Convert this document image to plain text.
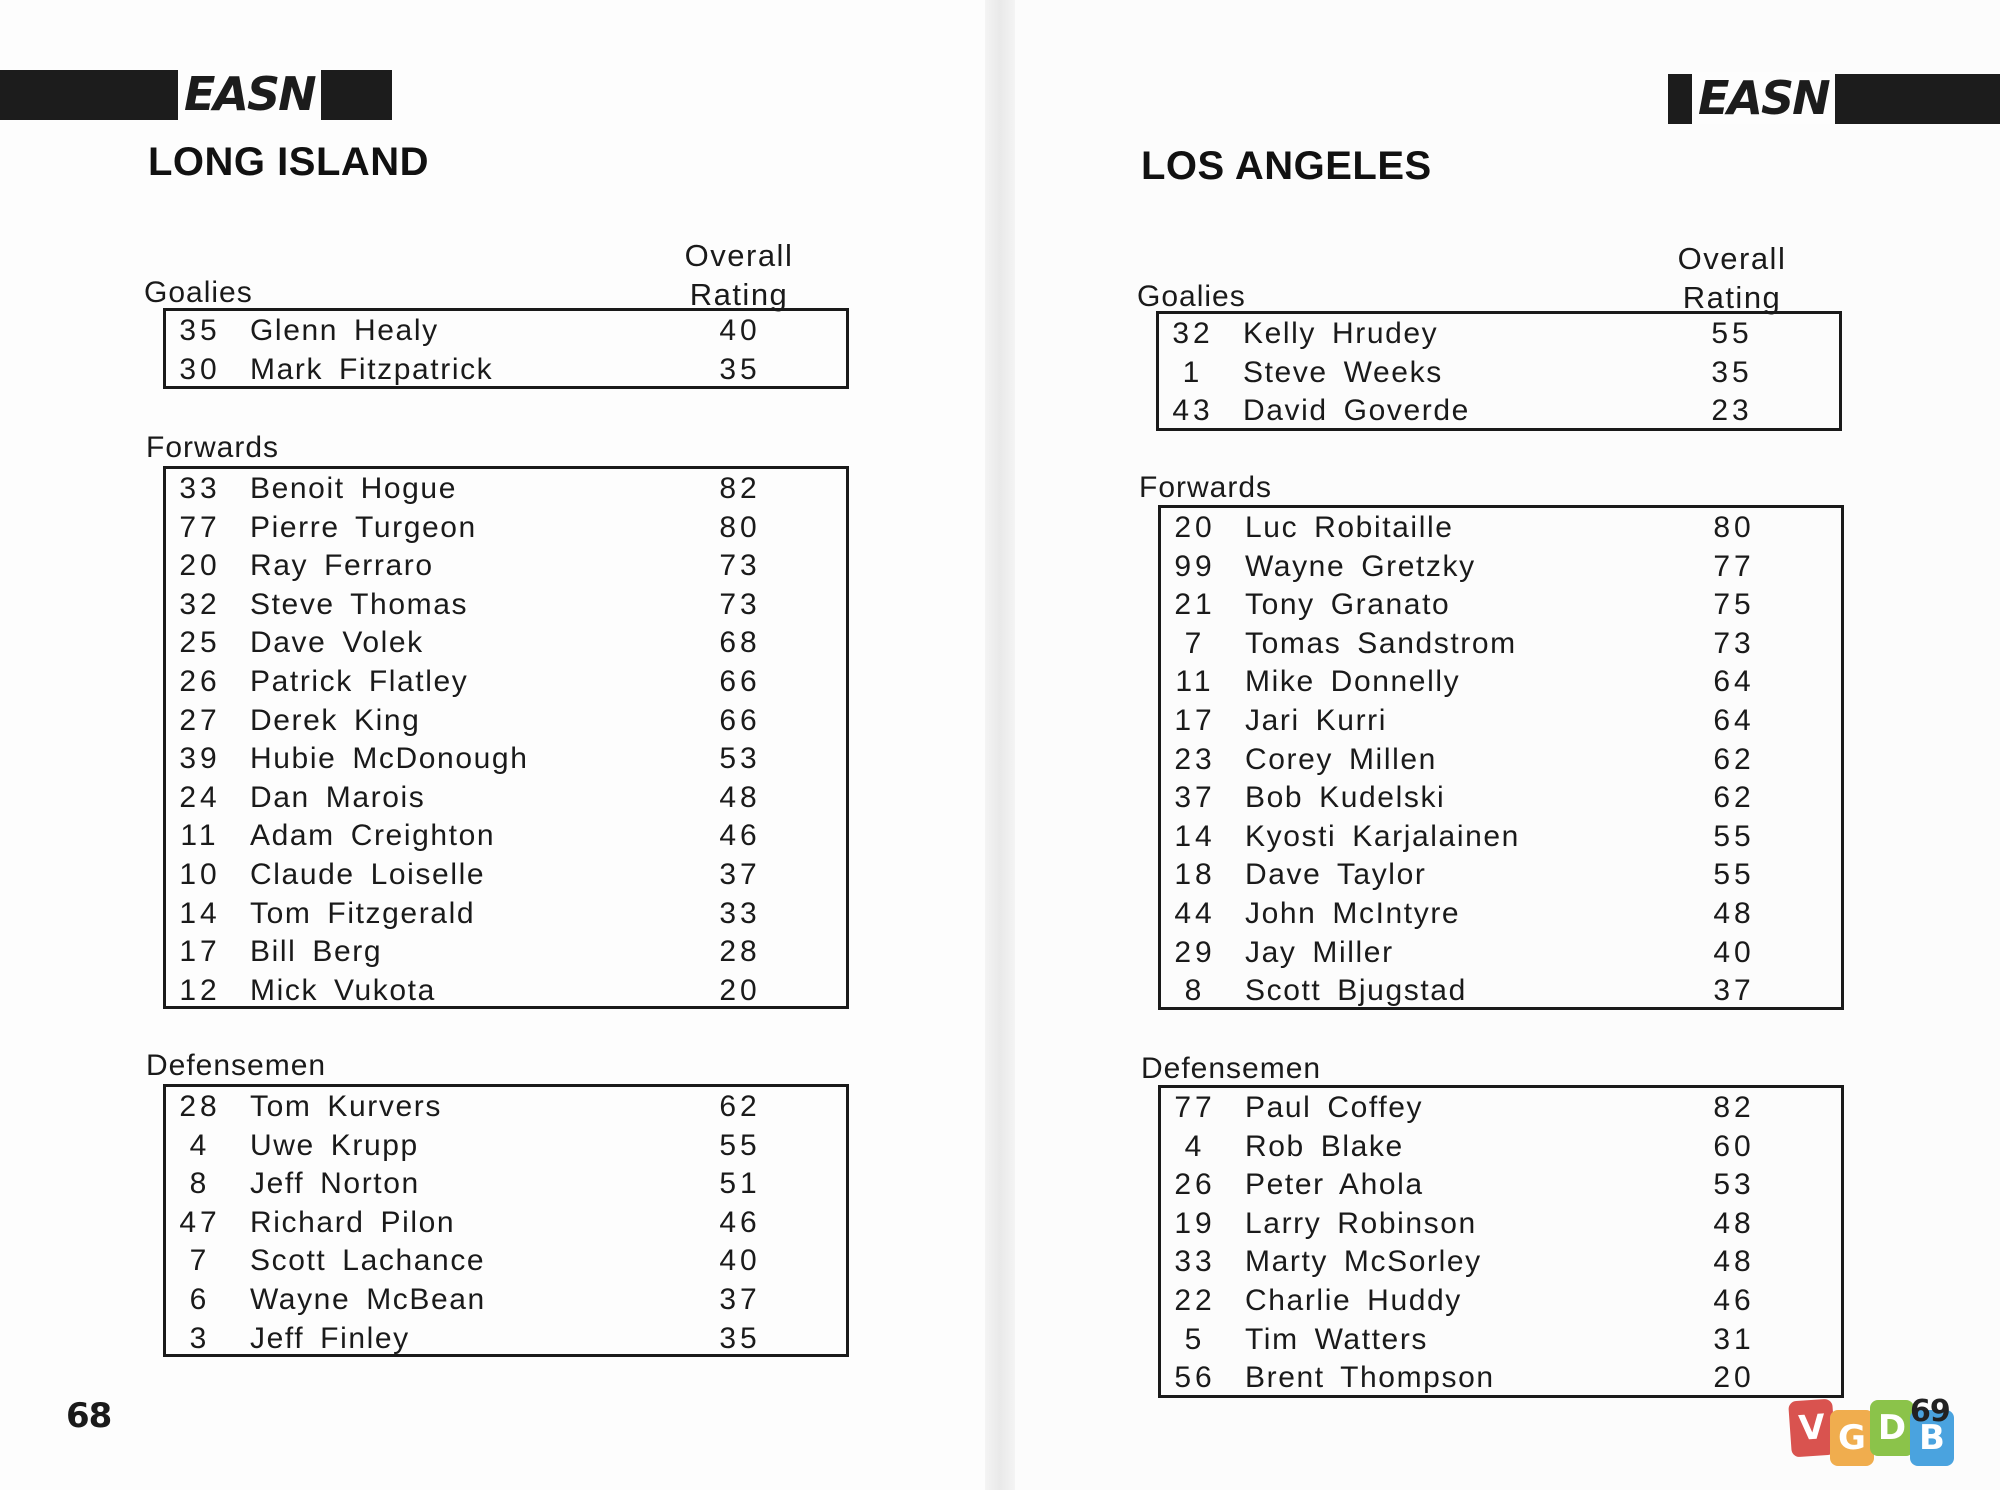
EASN
LONG ISLAND
Overall
Rating
Goalies
35 Glenn Healy	40
30 Mark Fitzpatrick	35
Forwards
33 Benoit Hogue	82
77 Pierre Turgeon	80
20 Ray Ferraro	73
32 Steve Thomas	73
25 Dave Volek	68
26 Patrick Flatley	66
27 Derek King	66
39 Hubie McDonough	53
24 Dan Marois	48
11	Adam Creighton	46
10 Claude Loiselle	37
14 Tom Fitzgerald	33
17 Bill Berg	28
12 Mick Vukota	20
Defensemen
28 Tom Kurvers	62
4	Uwe Krupp	55
8	Jeff Norton	51
47 Richard Pilon	46
7	Scott Lachance	40
6	Wayne McBean	37
3	Jeff Finley	35
68
EASN
LOS ANGELES
Overall
Rating
Goalies
32 Kelly Hrudey	55
1	Steve Weeks	35
43 David Goverde	23
Forwards
20 Luc Robitaille	80
99 Wayne Gretzky	77
21 Tony Granato	75
7	Tomas Sandstrom	73
11	Mike Donnelly	64
17 Jari Kurri	64
23 Corey Millen	62
37 Bob Kudelski	62
14 Kyosti Karjalainen	55
18 Dave Taylor	55
44 John McIntyre	48
29 Jay Miller	40
8	Scott Bjugstad	37
Defensemen
77 Paul Coffey	82
4	Rob Blake	60
26 Peter Ahola	53
19 Larry Robinson	48
33 Marty McSorley	48
22 Charlie Huddy	46
5	Tim Watters	31
56 Brent Thompson	20
V G D B
69
